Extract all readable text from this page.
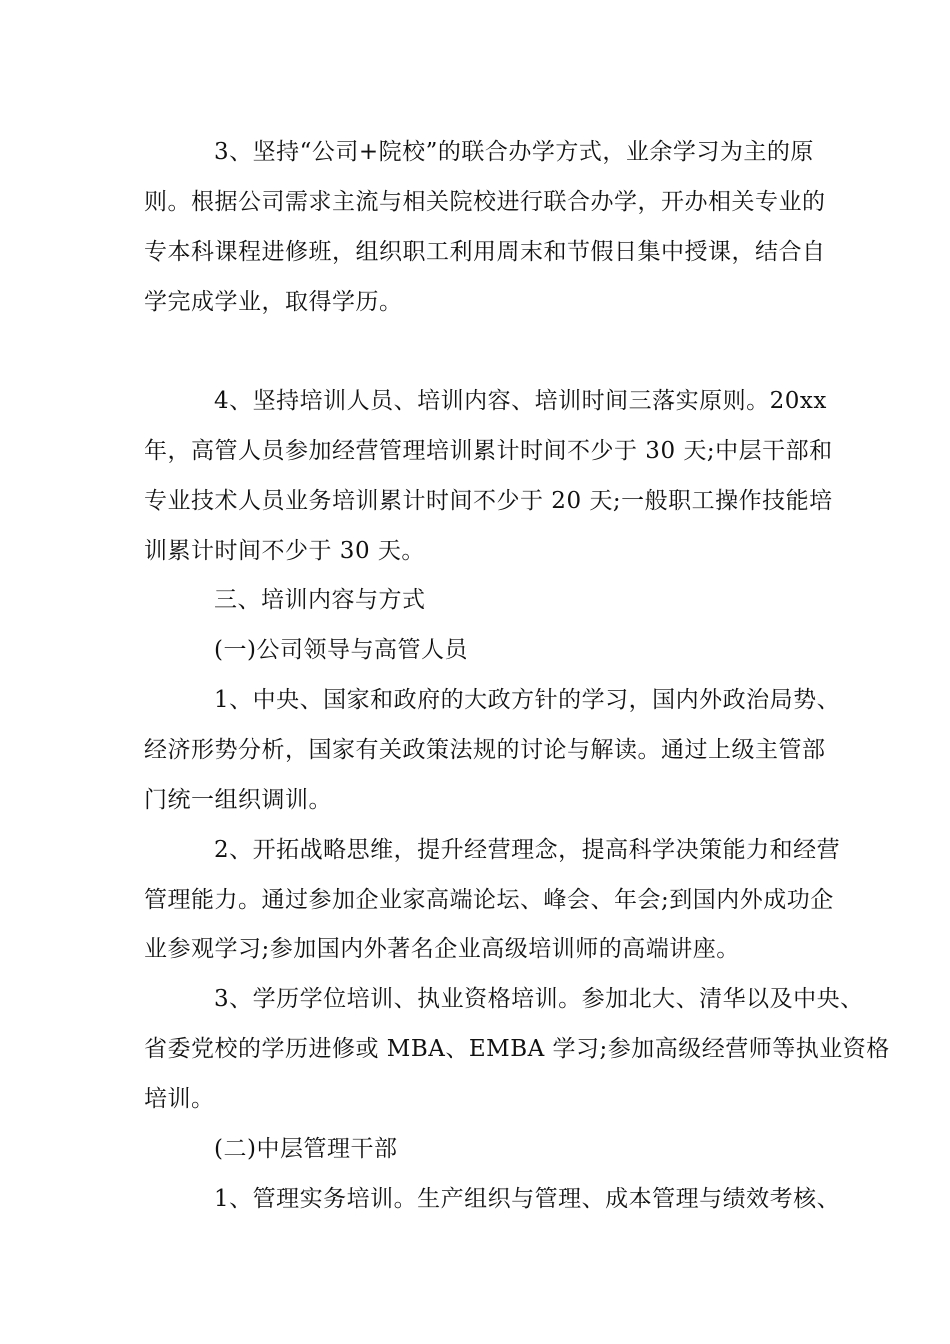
3、坚持“公司+院校”的联合办学方式，业余学习为主的原
则。根据公司需求主流与相关院校进行联合办学，开办相关专业的
专本科课程进修班，组织职工利用周末和节假日集中授课，结合自
学完成学业，取得学历。
4、坚持培训人员、培训内容、培训时间三落实原则。20xx
年，高管人员参加经营管理培训累计时间不少于 30 天;中层干部和
专业技术人员业务培训累计时间不少于 20 天;一般职工操作技能培
训累计时间不少于 30 天。
三、培训内容与方式
(一)公司领导与高管人员
1、中央、国家和政府的大政方针的学习，国内外政治局势、
经济形势分析，国家有关政策法规的讨论与解读。通过上级主管部
门统一组织调训。
2、开拓战略思维，提升经营理念，提高科学决策能力和经营
管理能力。通过参加企业家高端论坛、峰会、年会;到国内外成功企
业参观学习;参加国内外著名企业高级培训师的高端讲座。
3、学历学位培训、执业资格培训。参加北大、清华以及中央、
省委党校的学历进修或 MBA、EMBA 学习;参加高级经营师等执业资格
培训。
(二)中层管理干部
1、管理实务培训。生产组织与管理、成本管理与绩效考核、
